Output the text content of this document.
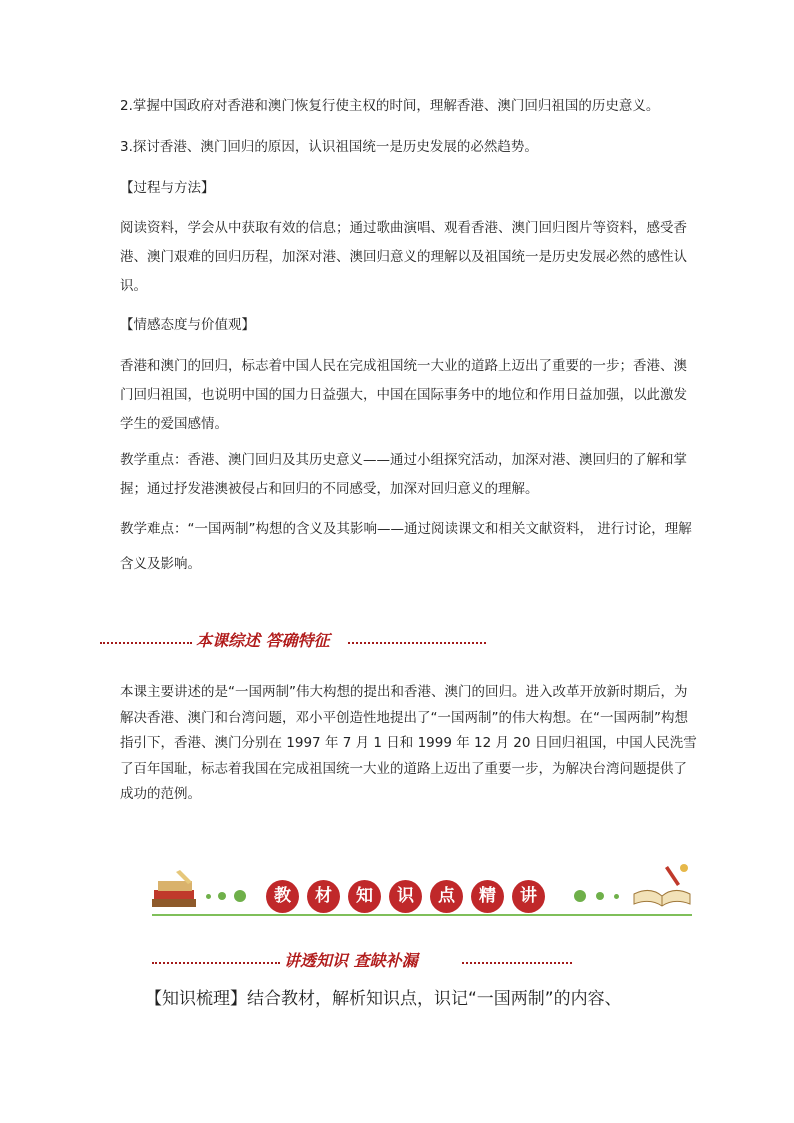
2.掌握中国政府对香港和澳门恢复行使主权的时间，理解香港、澳门回归祖国的历史意义。

3.探讨香港、澳门回归的原因，认识祖国统一是历史发展的必然趋势。

【过程与方法】

阅读资料，学会从中获取有效的信息；通过歌曲演唱、观看香港、澳门回归图片等资料，感受香港、澳门艰难的回归历程，加深对港、澳回归意义的理解以及祖国统一是历史发展必然的感性认识。

【情感态度与价值观】

香港和澳门的回归，标志着中国人民在完成祖国统一大业的道路上迈出了重要的一步；香港、澳门回归祖国，也说明中国的国力日益强大，中国在国际事务中的地位和作用日益加强，以此激发学生的爱国感情。

教学重点：香港、澳门回归及其历史意义——通过小组探究活动，加深对港、澳回归的了解和掌握；通过抒发港澳被侵占和回归的不同感受，加深对回归意义的理解。

教学难点：“一国两制”构想的含义及其影响——通过阅读课文和相关文献资料， 进行讨论，理解含义及影响。

本课综述 答确特征

本课主要讲述的是“一国两制”伟大构想的提出和香港、澳门的回归。进入改革开放新时期后，为解决香港、澳门和台湾问题，邓小平创造性地提出了“一国两制”的伟大构想。在“一国两制”构想指引下，香港、澳门分别在 1997 年 7 月 1 日和 1999 年 12 月 20 日回归祖国，中国人民洗雪了百年国耻，标志着我国在完成祖国统一大业的道路上迈出了重要一步，为解决台湾问题提供了成功的范例。

教	材	知	识	点	精	讲
讲透知识 查缺补漏

【知识梳理】结合教材，解析知识点，识记“一国两制”的内容、
